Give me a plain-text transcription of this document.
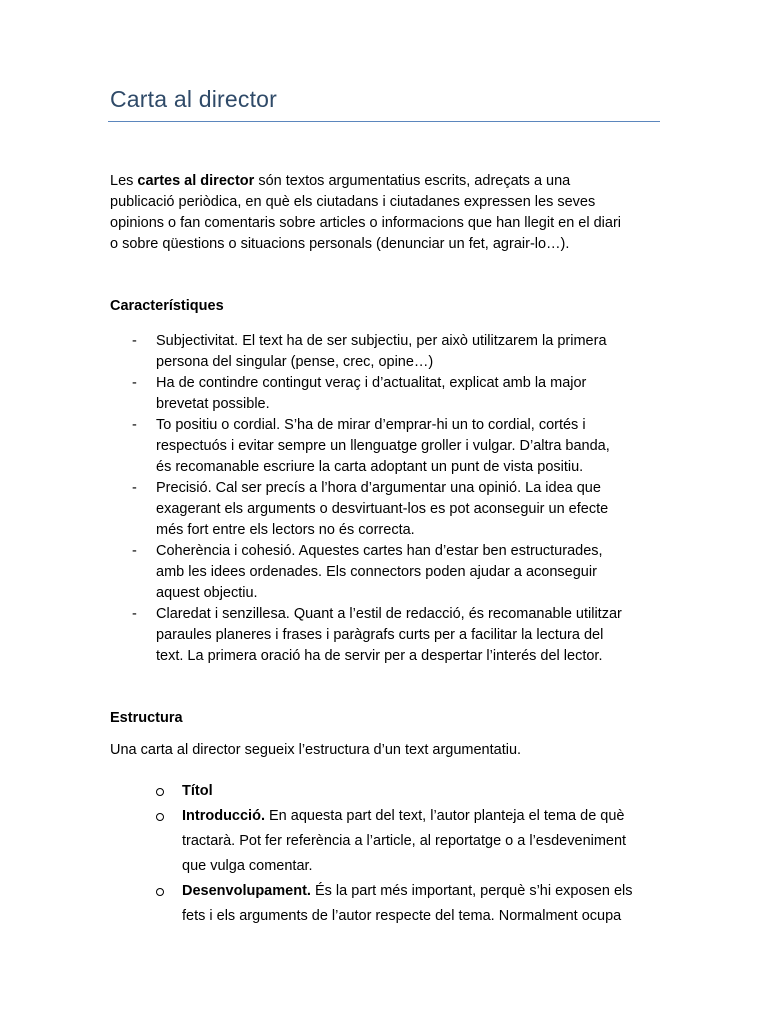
Carta al director
Les cartes al director són textos argumentatius escrits, adreçats a una
publicació periòdica, en què els ciutadans i ciutadanes expressen les seves
opinions o fan comentaris sobre articles o informacions que han llegit en el diari
o sobre qüestions o situacions personals (denunciar un fet, agrair-lo…).
Característiques
-	Subjectivitat. El text ha de ser subjectiu, per això utilitzarem la primera
persona del singular (pense, crec, opine…)
-	Ha de contindre contingut veraç i d’actualitat, explicat amb la major
brevetat possible.
-	To positiu o cordial. S’ha de mirar d’emprar-hi un to cordial, cortés i
respectuós i evitar sempre un llenguatge groller i vulgar. D’altra banda,
és recomanable escriure la carta adoptant un punt de vista positiu.
-	Precisió. Cal ser precís a l’hora d’argumentar una opinió. La idea que
exagerant els arguments o desvirtuant-los es pot aconseguir un efecte
més fort entre els lectors no és correcta.
-	Coherència i cohesió. Aquestes cartes han d’estar ben estructurades,
amb les idees ordenades. Els connectors poden ajudar a aconseguir
aquest objectiu.
-	Claredat i senzillesa. Quant a l’estil de redacció, és recomanable utilitzar
paraules planeres i frases i paràgrafs curts per a facilitar la lectura del
text. La primera oració ha de servir per a despertar l’interés del lector.
Estructura
Una carta al director segueix l’estructura d’un text argumentatiu.
Títol
Introducció. En aquesta part del text, l’autor planteja el tema de què
tractarà. Pot fer referència a l’article, al reportatge o a l’esdeveniment
que vulga comentar.
Desenvolupament. És la part més important, perquè s’hi exposen els
fets i els arguments de l’autor respecte del tema. Normalment ocupa
